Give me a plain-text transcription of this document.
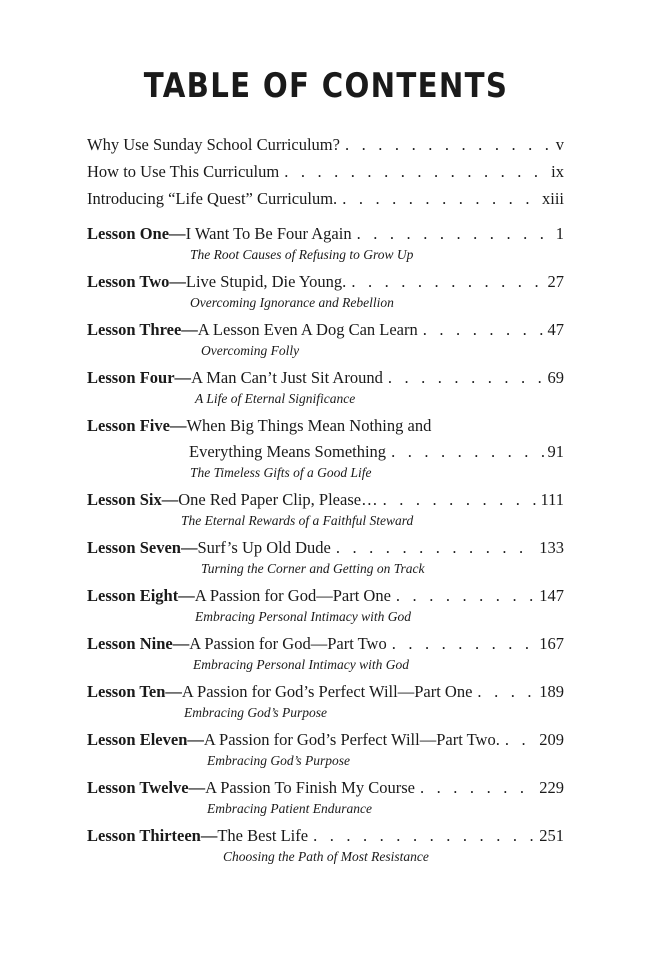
TABLE OF CONTENTS
Why Use Sunday School Curriculum? . . .	v
How to Use This Curriculum . . .	ix
Introducing “Life Quest” Curriculum. . . .	xiii
Lesson One—I Want To Be Four Again . . .	1
The Root Causes of Refusing to Grow Up
Lesson Two—Live Stupid, Die Young. . . .	27
Overcoming Ignorance and Rebellion
Lesson Three—A Lesson Even A Dog Can Learn . . .	47
Overcoming Folly
Lesson Four—A Man Can’t Just Sit Around . . .	69
A Life of Eternal Significance
Lesson Five—When Big Things Mean Nothing and
Everything Means Something . . .	91
The Timeless Gifts of a Good Life
Lesson Six—One Red Paper Clip, Please… . . .	111
The Eternal Rewards of a Faithful Steward
Lesson Seven—Surf’s Up Old Dude . . .	133
Turning the Corner and Getting on Track
Lesson Eight—A Passion for God—Part One . . .	147
Embracing Personal Intimacy with God
Lesson Nine—A Passion for God—Part Two . . .	167
Embracing Personal Intimacy with God
Lesson Ten—A Passion for God’s Perfect Will—Part One . . .	189
Embracing God’s Purpose
Lesson Eleven—A Passion for God’s Perfect Will—Part Two. . . . 209
Embracing God’s Purpose
Lesson Twelve—A Passion To Finish My Course . . .	229
Embracing Patient Endurance
Lesson Thirteen—The Best Life . . .	251
Choosing the Path of Most Resistance
